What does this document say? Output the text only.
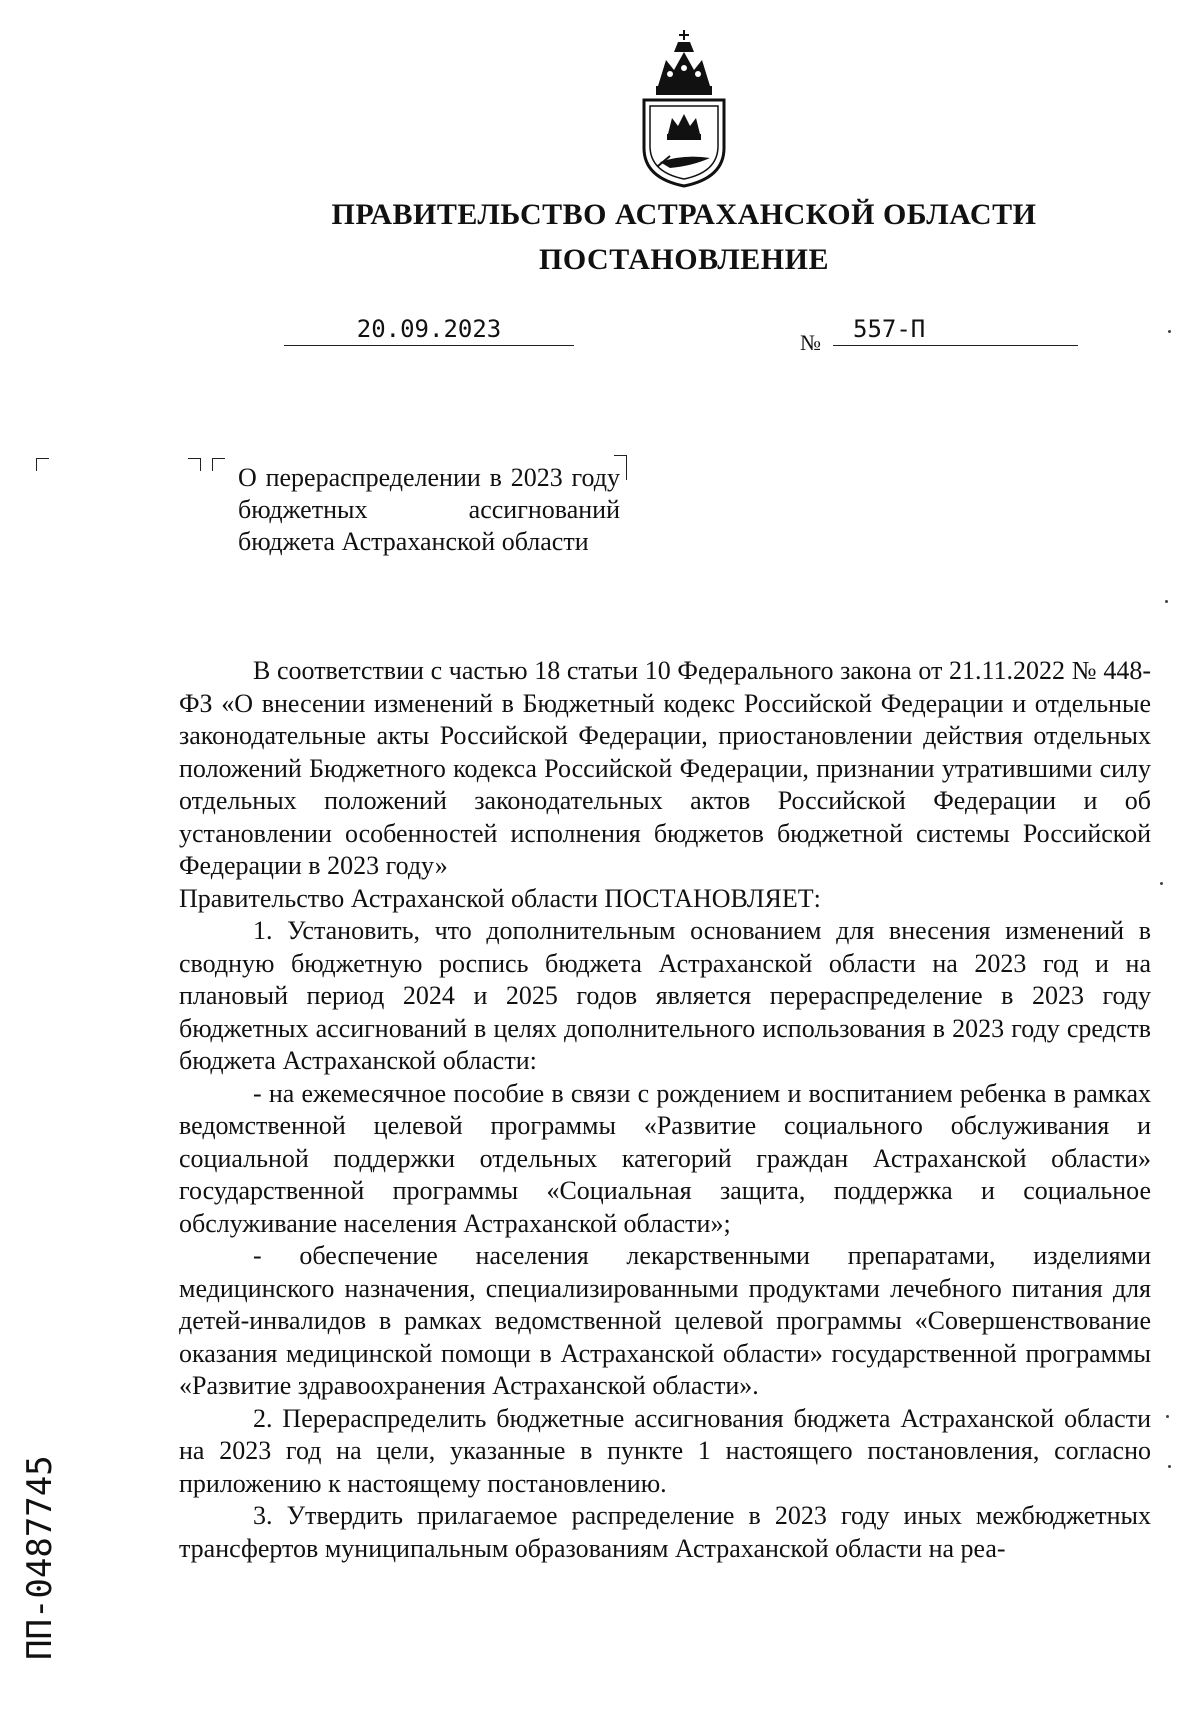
ПРАВИТЕЛЬСТВО АСТРАХАНСКОЙ ОБЛАСТИ
ПОСТАНОВЛЕНИЕ
20.09.2023	№	557-П
О перераспределении в 2023 году бюджетных ассигнований бюджета Астраханской области

В соответствии с частью 18 статьи 10 Федерального закона от 21.11.2022 № 448-ФЗ «О внесении изменений в Бюджетный кодекс Российской Федерации и отдельные законодательные акты Российской Федерации, приостановлении действия отдельных положений Бюджетного кодекса Российской Федерации, признании утратившими силу отдельных положений законодательных актов Российской Федерации и об установлении особенностей исполнения бюджетов бюджетной системы Российской Федерации в 2023 году»

Правительство Астраханской области ПОСТАНОВЛЯЕТ:

1. Установить, что дополнительным основанием для внесения изменений в сводную бюджетную роспись бюджета Астраханской области на 2023 год и на плановый период 2024 и 2025 годов является перераспределение в 2023 году бюджетных ассигнований в целях дополнительного использования в 2023 году средств бюджета Астраханской области:

- на ежемесячное пособие в связи с рождением и воспитанием ребенка в рамках ведомственной целевой программы «Развитие социального обслуживания и социальной поддержки отдельных категорий граждан Астраханской области» государственной программы «Социальная защита, поддержка и социальное обслуживание населения Астраханской области»;

- обеспечение населения лекарственными препаратами, изделиями медицинского назначения, специализированными продуктами лечебного питания для детей-инвалидов в рамках ведомственной целевой программы «Совершенствование оказания медицинской помощи в Астраханской области» государственной программы «Развитие здравоохранения Астраханской области».

2. Перераспределить бюджетные ассигнования бюджета Астраханской области на 2023 год на цели, указанные в пункте 1 настоящего постановления, согласно приложению к настоящему постановлению.

3. Утвердить прилагаемое распределение в 2023 году иных межбюджетных трансфертов муниципальным образованиям Астраханской области на реа-

ПП-0487745
